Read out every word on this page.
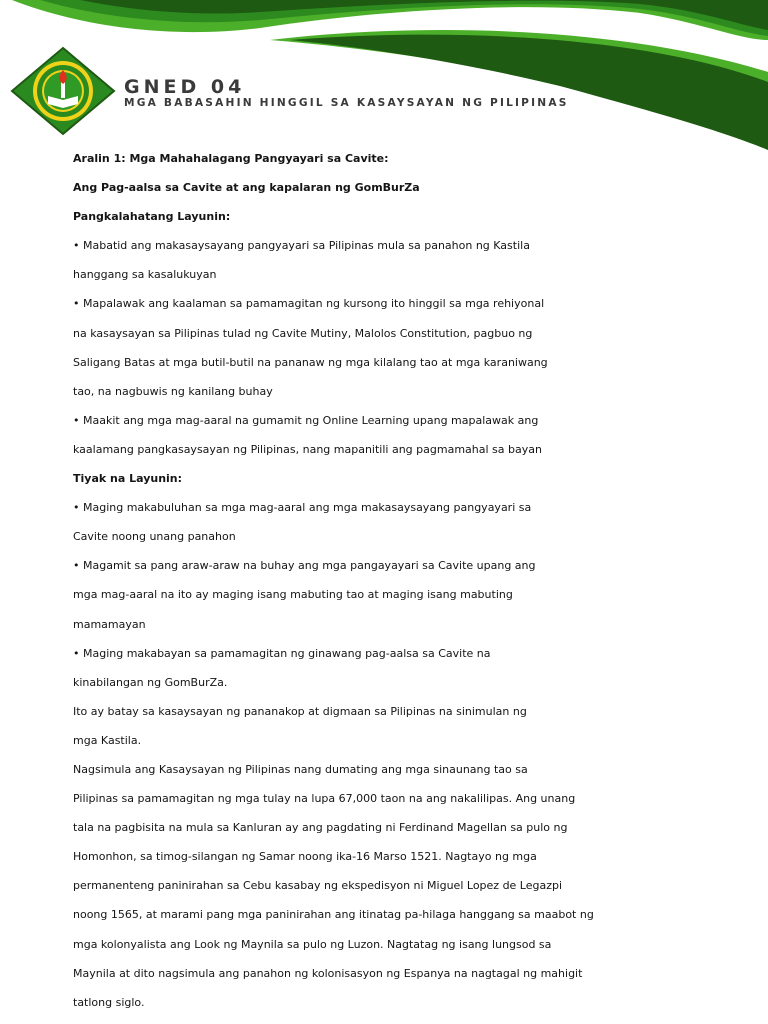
GNED 04

MGA BABASAHIN HINGGIL SA KASAYSAYAN NG PILIPINAS

Aralin 1: Mga Mahahalagang Pangyayari sa Cavite:

Ang Pag-aalsa sa Cavite at ang kapalaran ng GomBurZa

Pangkalahatang Layunin:

• Mabatid ang makasaysayang pangyayari sa Pilipinas mula sa panahon ng Kastila

hanggang sa kasalukuyan

• Mapalawak ang kaalaman sa pamamagitan ng kursong ito hinggil sa mga rehiyonal

na kasaysayan sa Pilipinas tulad ng Cavite Mutiny, Malolos Constitution, pagbuo ng

Saligang Batas at mga butil-butil na pananaw ng mga kilalang tao at mga karaniwang

tao, na nagbuwis ng kanilang buhay

• Maakit ang mga mag-aaral na gumamit ng Online Learning upang mapalawak ang

kaalamang pangkasaysayan ng Pilipinas, nang mapanitili ang pagmamahal sa bayan

Tiyak na Layunin:

• Maging makabuluhan sa mga mag-aaral ang mga makasaysayang pangyayari sa

Cavite noong unang panahon

• Magamit sa pang araw-araw na buhay ang mga pangayayari sa Cavite upang ang

mga mag-aaral na ito ay maging isang mabuting tao at maging isang mabuting

mamamayan

• Maging makabayan sa pamamagitan ng ginawang pag-aalsa sa Cavite na

kinabilangan ng GomBurZa.

Ito ay batay sa kasaysayan ng pananakop at digmaan sa Pilipinas na sinimulan ng

mga Kastila.

Nagsimula ang Kasaysayan ng Pilipinas nang dumating ang mga sinaunang tao sa

Pilipinas sa pamamagitan ng mga tulay na lupa 67,000 taon na ang nakalilipas. Ang unang

tala na pagbisita na mula sa Kanluran ay ang pagdating ni Ferdinand Magellan sa pulo ng

Homonhon, sa timog-silangan ng Samar noong ika-16 Marso 1521. Nagtayo ng mga

permanenteng paninirahan sa Cebu kasabay ng ekspedisyon ni Miguel Lopez de Legazpi

noong 1565, at marami pang mga paninirahan ang itinatag pa-hilaga hanggang sa maabot ng

mga kolonyalista ang Look ng Maynila sa pulo ng Luzon. Nagtatag ng isang lungsod sa

Maynila at dito nagsimula ang panahon ng kolonisasyon ng Espanya na nagtagal ng mahigit

tatlong siglo.
